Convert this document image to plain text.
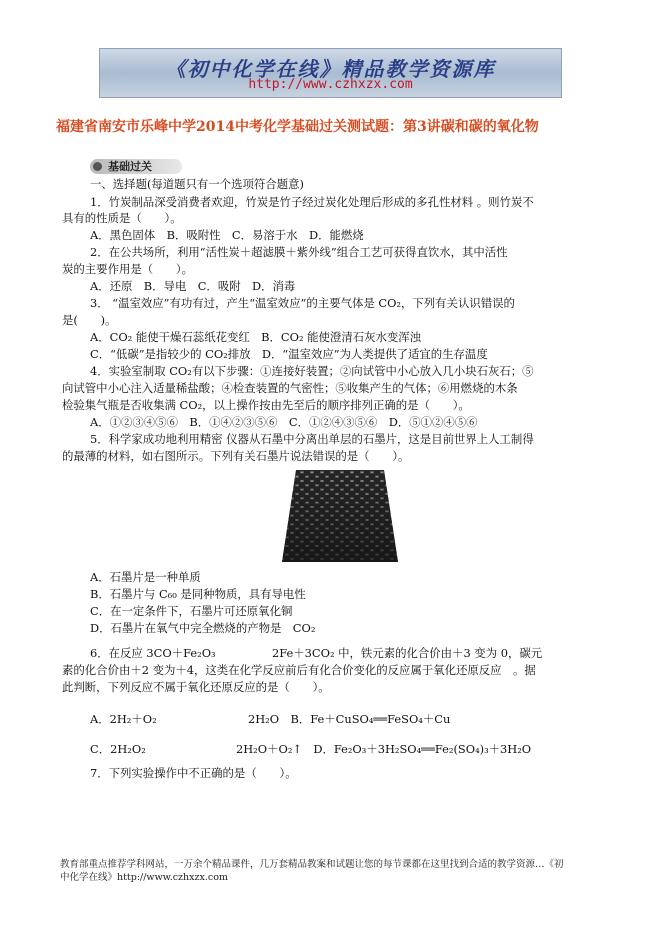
《初中化学在线》精品教学资源库
http://www.czhxzx.com
福建省南安市乐峰中学2014中考化学基础过关测试题：第3讲碳和碳的氧化物
基础过关
一、选择题(每道题只有一个选项符合题意)
1．竹炭制品深受消费者欢迎，竹炭是竹子经过炭化处理后形成的多孔性材料 。则竹炭不
具有的性质是（　　）。
A．黑色固体　B．吸附性　C．易溶于水　D．能燃烧
2．在公共场所，利用“活性炭＋超滤膜＋紫外线”组合工艺可获得直饮水，其中活性
炭的主要作用是（　　）。
A．还原　B．导电　C．吸附　D．消毒
3． “温室效应”有功有过，产生“温室效应”的主要气体是 CO₂，下列有关认识错误的
是(　　)。
A．CO₂ 能使干燥石蕊纸花变红　B．CO₂ 能使澄清石灰水变浑浊
C．“低碳”是指较少的 CO₂排放　D．“温室效应”为人类提供了适宜的生存温度
4．实验室制取 CO₂有以下步骤：①连接好装置；②向试管中小心放入几小块石灰石；⑤
向试管中小心注入适量稀盐酸；④检查装置的气密性；⑤收集产生的气体；⑥用燃烧的木条
检验集气瓶是否收集满 CO₂，以上操作按由先至后的顺序排列正确的是（　　）。
A．①②③④⑤⑥　B．①④②③⑤⑥　C．①②④③⑤⑥　D．⑤①②④⑤⑥
5．科学家成功地利用精密 仪器从石墨中分离出单层的石墨片，这是目前世界上人工制得
的最薄的材料，如右图所示。下列有关石墨片说法错误的是（　　）。
A．石墨片是一种单质
B．石墨片与 C₆₀ 是同种物质，具有导电性
C．在一定条件下，石墨片可还原氧化铜
D．石墨片在氧气中完全燃烧的产物是　CO₂
6．在反应 3CO＋Fe₂O₃	2Fe＋3CO₂ 中，铁元素的化合价由＋3 变为 0，碳元
素的化合价由＋2 变为＋4，这类在化学反应前后有化合价变化的反应属于氧化还原反应　。据
此判断，下列反应不属于氧化还原反应的是（　　）。
A．2H₂＋O₂	2H₂O　B．Fe＋CuSO₄══FeSO₄＋Cu
C．2H₂O₂	2H₂O＋O₂↑　D．Fe₂O₃＋3H₂SO₄══Fe₂(SO₄)₃＋3H₂O
7．下列实验操作中不正确的是（　　）。
教育部重点推荐学科网站，一万余个精品课件，几万套精品教案和试题让您的每节课都在这里找到合适的教学资源…《初
中化学在线》http://www.czhxzx.com
